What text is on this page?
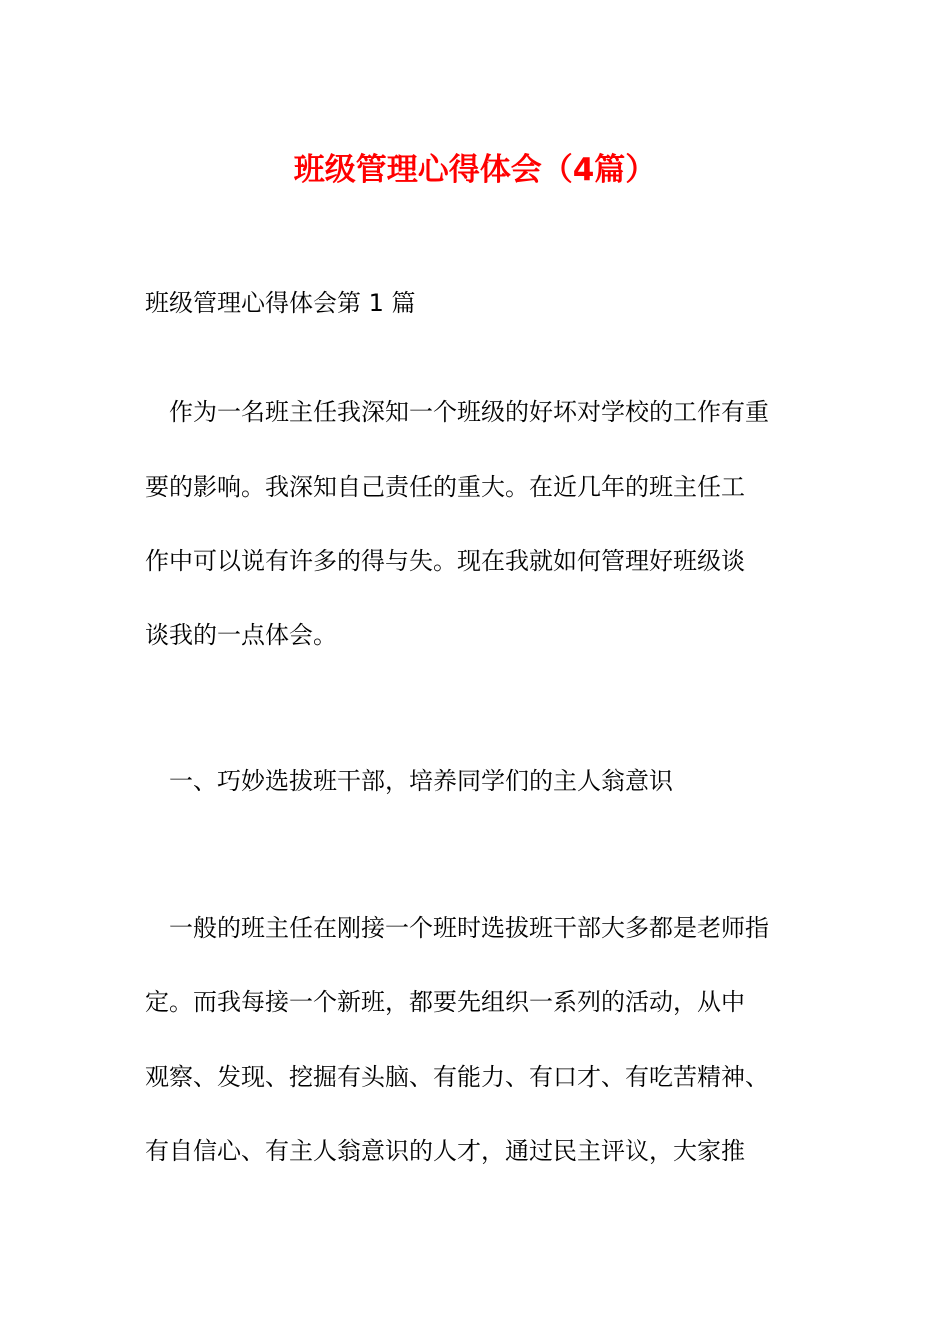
班级管理心得体会（4篇）
班级管理心得体会第 1 篇
作为一名班主任我深知一个班级的好坏对学校的工作有重
要的影响。我深知自己责任的重大。在近几年的班主任工
作中可以说有许多的得与失。现在我就如何管理好班级谈
谈我的一点体会。
一、巧妙选拔班干部，培养同学们的主人翁意识
一般的班主任在刚接一个班时选拔班干部大多都是老师指
定。而我每接一个新班，都要先组织一系列的活动，从中
观察、发现、挖掘有头脑、有能力、有口才、有吃苦精神、
有自信心、有主人翁意识的人才，通过民主评议，大家推
